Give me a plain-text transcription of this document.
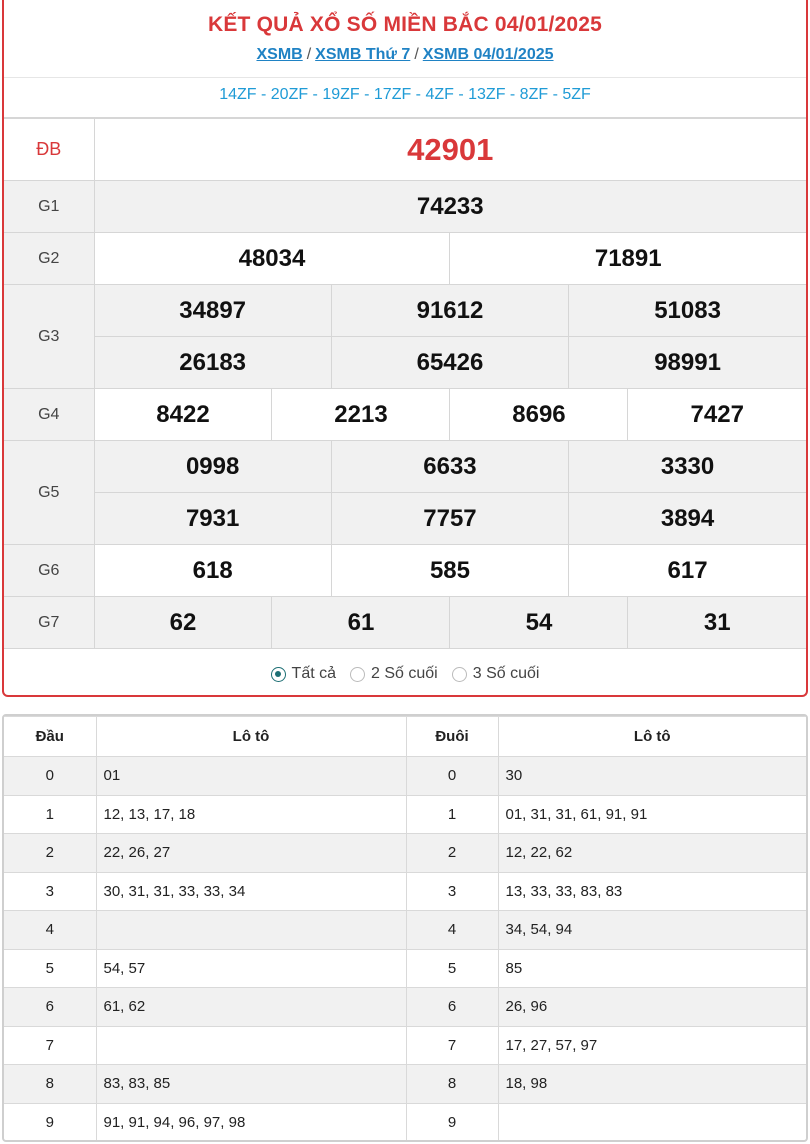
KẾT QUẢ XỔ SỐ MIỀN BẮC 04/01/2025
XSMB / XSMB Thứ 7 / XSMB 04/01/2025
14ZF - 20ZF - 19ZF - 17ZF - 4ZF - 13ZF - 8ZF - 5ZF
ĐB	42901					
G1	74233					
G2	48034			71891		
G3	34897		91612		51083	
	26183		65426		98991	
G4	8422	2213		8696		7427
G5	0998		6633		3330	
	7931		7757		3894	
G6	618		585		617	
G7	62	61		54		31
Tất cả 2 Số cuối 3 Số cuối
Đầu	Lô tô	Đuôi	Lô tô
0	01	0	30
1	12, 13, 17, 18	1	01, 31, 31, 61, 91, 91
2	22, 26, 27	2	12, 22, 62
3	30, 31, 31, 33, 33, 34	3	13, 33, 33, 83, 83
4		4	34, 54, 94
5	54, 57	5	85
6	61, 62	6	26, 96
7		7	17, 27, 57, 97
8	83, 83, 85	8	18, 98
9	91, 91, 94, 96, 97, 98	9	
